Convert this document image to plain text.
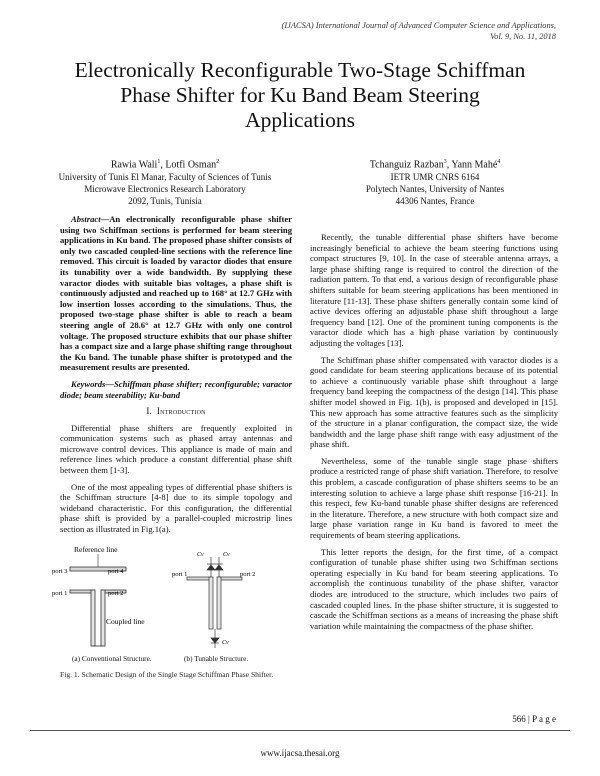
(IJACSA) International Journal of Advanced Computer Science and Applications,
Vol. 9, No. 11, 2018
Electronically Reconfigurable Two-Stage Schiffman
Phase Shifter for Ku Band Beam Steering
Applications
Rawia Wali$^1$, Lotfi Osman$^2$
University of Tunis El Manar, Faculty of Sciences of Tunis
Microwave Electronics Research Laboratory
2092, Tunis, Tunisia
Tchanguiz Razban$^3$, Yann Mahé$^4$
IETR UMR CNRS 6164
Polytech Nantes, University of Nantes
44306 Nantes, France

Abstract—An electronically reconfigurable phase shifter using two Schiffman sections is performed for beam steering applications in Ku band. The proposed phase shifter consists of only two cascaded coupled-line sections with the reference line removed. This circuit is loaded by varactor diodes that ensure its tunability over a wide bandwidth. By supplying these varactor diodes with suitable bias voltages, a phase shift is continuously adjusted and reached up to 168° at 12.7 GHz with low insertion losses according to the simulations. Thus, the proposed two-stage phase shifter is able to reach a beam steering angle of 28.6° at 12.7 GHz with only one control voltage. The proposed structure exhibits that our phase shifter has a compact size and a large phase shifting range throughout the Ku band. The tunable phase shifter is prototyped and the measurement results are presented.

Keywords—Schiffman phase shifter; reconfigurable; varactor diode; beam steerability; Ku-band

I. Introduction

Differential phase shifters are frequently exploited in communication systems such as phased array antennas and microwave control devices. This appliance is made of main and reference lines which produce a constant differential phase shift between them [1-3].

One of the most appealing types of differential phase shifters is the Schiffman structure [4-8] due to its simple topology and wideband characteristic. For this configuration, the differential phase shift is provided by a parallel-coupled microstrip lines section as illustrated in Fig.1(a).

Reference line
port 3	port 4
port 1	port 2
Coupled line
Cv	Cv
Cv
port 1	port 2
(a) Conventional Structure.	(b) Tunable Structure.
Fig. 1. Schematic Design of the Single Stage Schiffman Phase Shifter.

Recently, the tunable differential phase shifters have become increasingly beneficial to achieve the beam steering functions using compact structures [9, 10]. In the case of steerable antenna arrays, a large phase shifting range is required to control the direction of the radiation pattern. To that end, a various design of reconfigurable phase shifters suitable for beam steering applications has been mentioned in literature [11-13]. These phase shifters generally contain some kind of active devices offering an adjustable phase shift throughout a large frequency band [12]. One of the prominent tuning components is the varactor diode which has a high phase variation by continuously adjusting the voltages [13].

The Schiffman phase shifter compensated with varactor diodes is a good candidate for beam steering applications because of its potential to achieve a continuously variable phase shift throughout a large frequency band keeping the compactness of the design [14]. This phase shifter model showed in Fig. 1(b), is proposed and developed in [15]. This new approach has some attractive features such as the simplicity of the structure in a planar configuration, the compact size, the wide bandwidth and the large phase shift range with easy adjustment of the phase shift.

Nevertheless, some of the tunable single stage phase shifters produce a restricted range of phase shift variation. Therefore, to resolve this problem, a cascade configuration of phase shifters seems to be an interesting solution to achieve a large phase shift response [16-21]. In this respect, few Ku-band tunable phase shifter designs are referenced in the literature. Therefore, a new structure with both compact size and large phase variation range in Ku band is favored to meet the requirements of beam steering applications.

This letter reports the design, for the first time, of a compact configuration of tunable phase shifter using two Schiffman sections operating especially in Ku band for beam steering applications. To accomplish the continuous tunability of the phase shifter, varactor diodes are introduced to the structure, which includes two pairs of cascaded coupled lines. In the phase shifter structure, it is suggested to cascade the Schiffman sections as a means of increasing the phase shift variation while maintaining the compactness of the phase shifter.

566 | P a g e
www.ijacsa.thesai.org
